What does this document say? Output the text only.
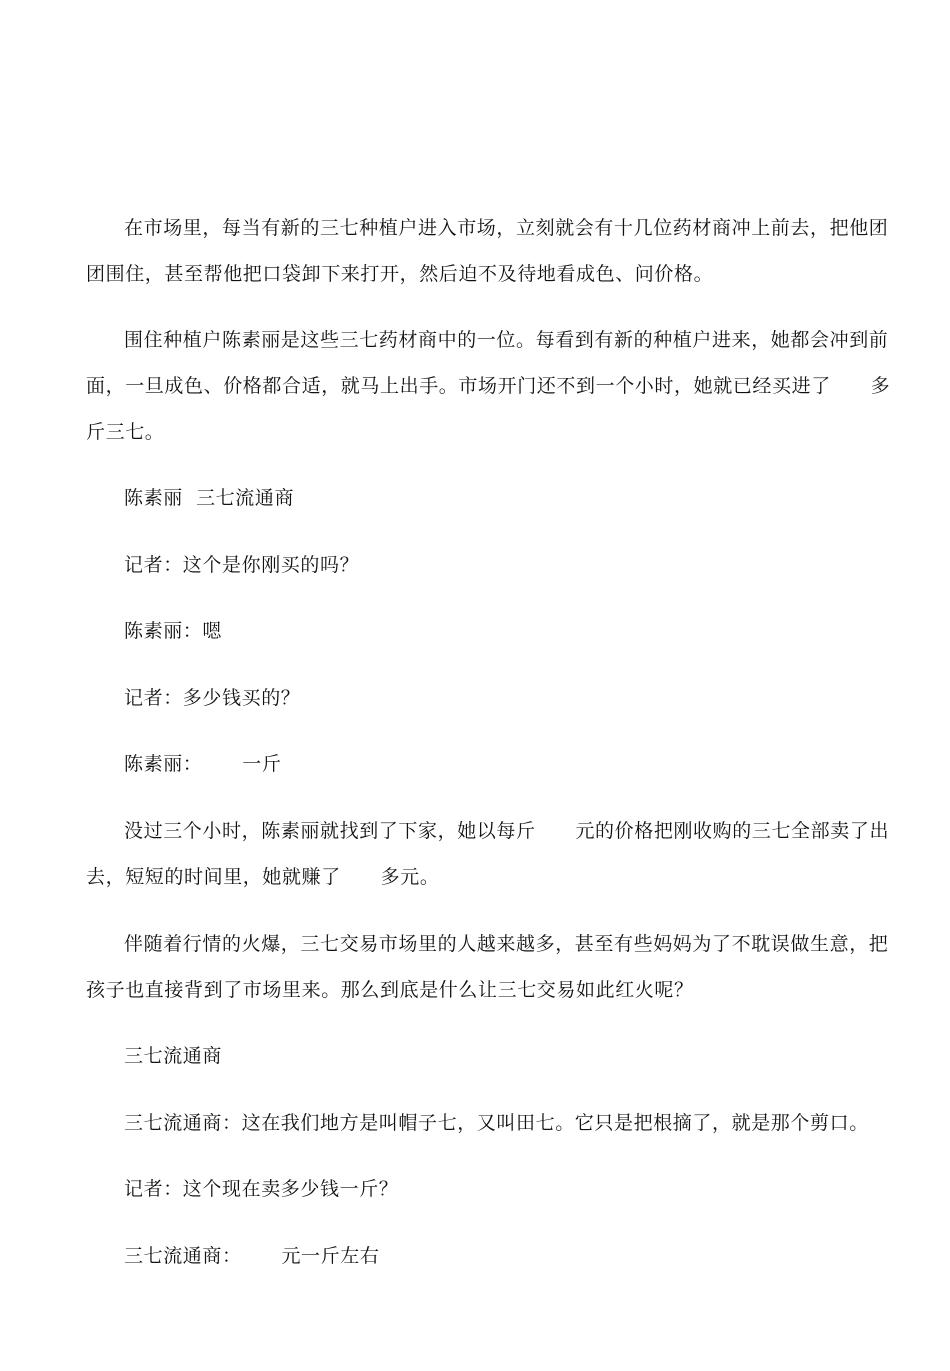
在市场里，每当有新的三七种植户进入市场，立刻就会有十几位药材商冲上前去，把他团
团围住，甚至帮他把口袋卸下来打开，然后迫不及待地看成色、问价格。

围住种植户陈素丽是这些三七药材商中的一位。每看到有新的种植户进来，她都会冲到前
面，一旦成色、价格都合适，就马上出手。市场开门还不到一个小时，她就已经买进了      多
斤三七。

陈素丽  三七流通商

记者：这个是你刚买的吗？

陈素丽：嗯

记者：多少钱买的？

陈素丽：      一斤

没过三个小时，陈素丽就找到了下家，她以每斤      元的价格把刚收购的三七全部卖了出
去，短短的时间里，她就赚了      多元。

伴随着行情的火爆，三七交易市场里的人越来越多，甚至有些妈妈为了不耽误做生意，把
孩子也直接背到了市场里来。那么到底是什么让三七交易如此红火呢？

三七流通商

三七流通商：这在我们地方是叫帽子七，又叫田七。它只是把根摘了，就是那个剪口。

记者：这个现在卖多少钱一斤？

三七流通商：      元一斤左右
